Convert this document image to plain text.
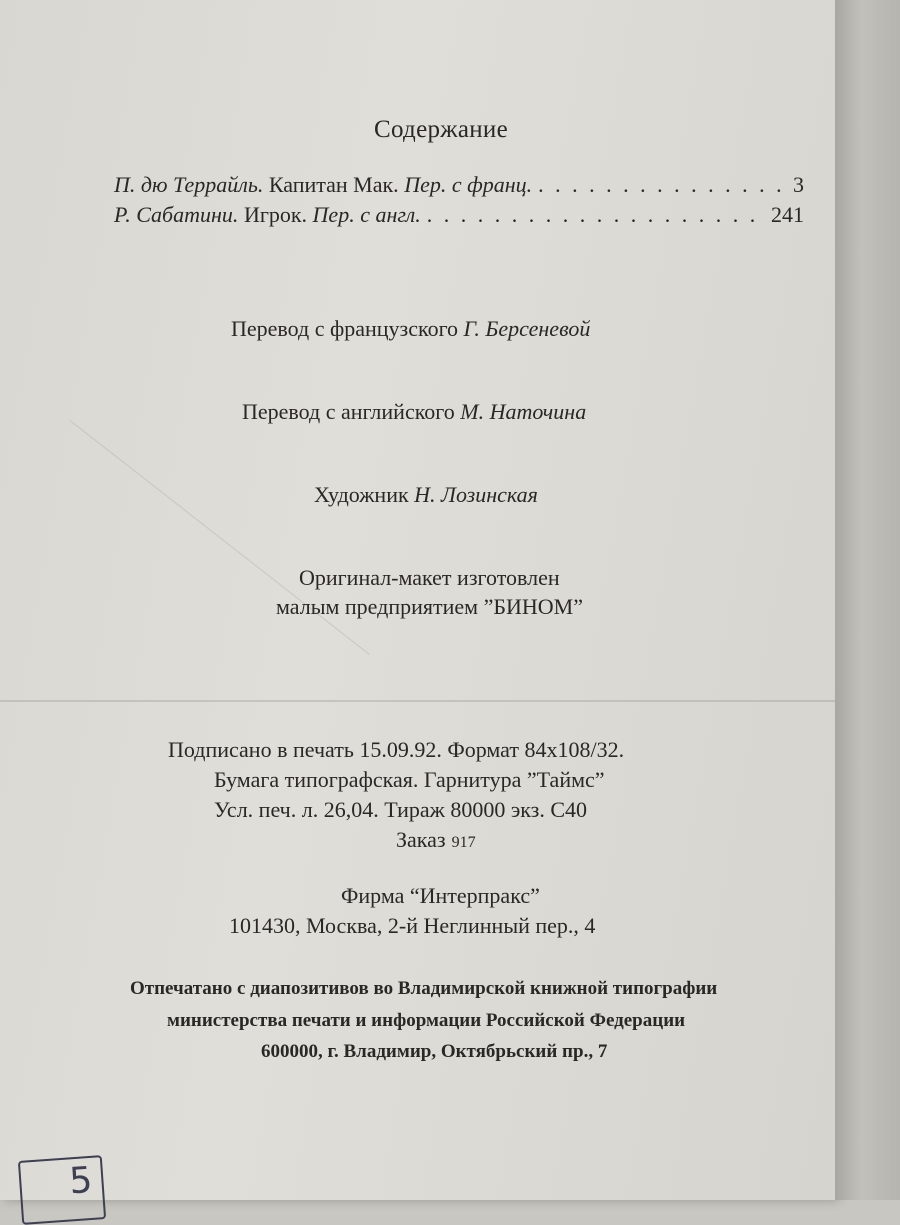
Содержание
П. дю Террайль.
Капитан Мак.
Пер. с франц. . . .	3
Р. Сабатини.
Игрок.
Пер. с англ. . . .	241
Перевод с французского Г. Берсеневой
Перевод с английского М. Наточина
Художник Н. Лозинская
Оригинал-макет изготовлен
малым предприятием ”БИНОМ”
Подписано в печать 15.09.92. Формат 84x108/32.
Бумага типографская. Гарнитура ”Таймс”
Усл. печ. л. 26,04. Тираж 80000 экз. С40
Заказ 917
Фирма “Интерпракс”
101430, Москва, 2-й Неглинный пер., 4
Отпечатано с диапозитивов во Владимирской книжной типографии
министерства печати и информации Российской Федерации
600000, г. Владимир, Октябрьский пр., 7
5
